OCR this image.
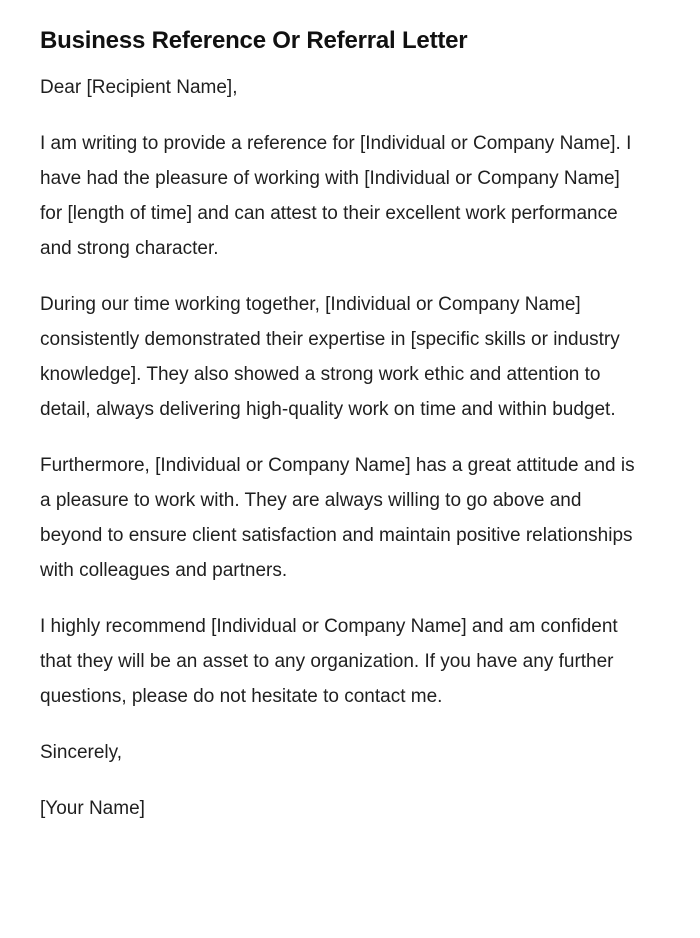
Business Reference Or Referral Letter

Dear [Recipient Name],

I am writing to provide a reference for [Individual or Company Name]. I have had the pleasure of working with [Individual or Company Name] for [length of time] and can attest to their excellent work performance and strong character.

During our time working together, [Individual or Company Name] consistently demonstrated their expertise in [specific skills or industry knowledge]. They also showed a strong work ethic and attention to detail, always delivering high-quality work on time and within budget.

Furthermore, [Individual or Company Name] has a great attitude and is a pleasure to work with. They are always willing to go above and beyond to ensure client satisfaction and maintain positive relationships with colleagues and partners.

I highly recommend [Individual or Company Name] and am confident that they will be an asset to any organization. If you have any further questions, please do not hesitate to contact me.

Sincerely,

[Your Name]
